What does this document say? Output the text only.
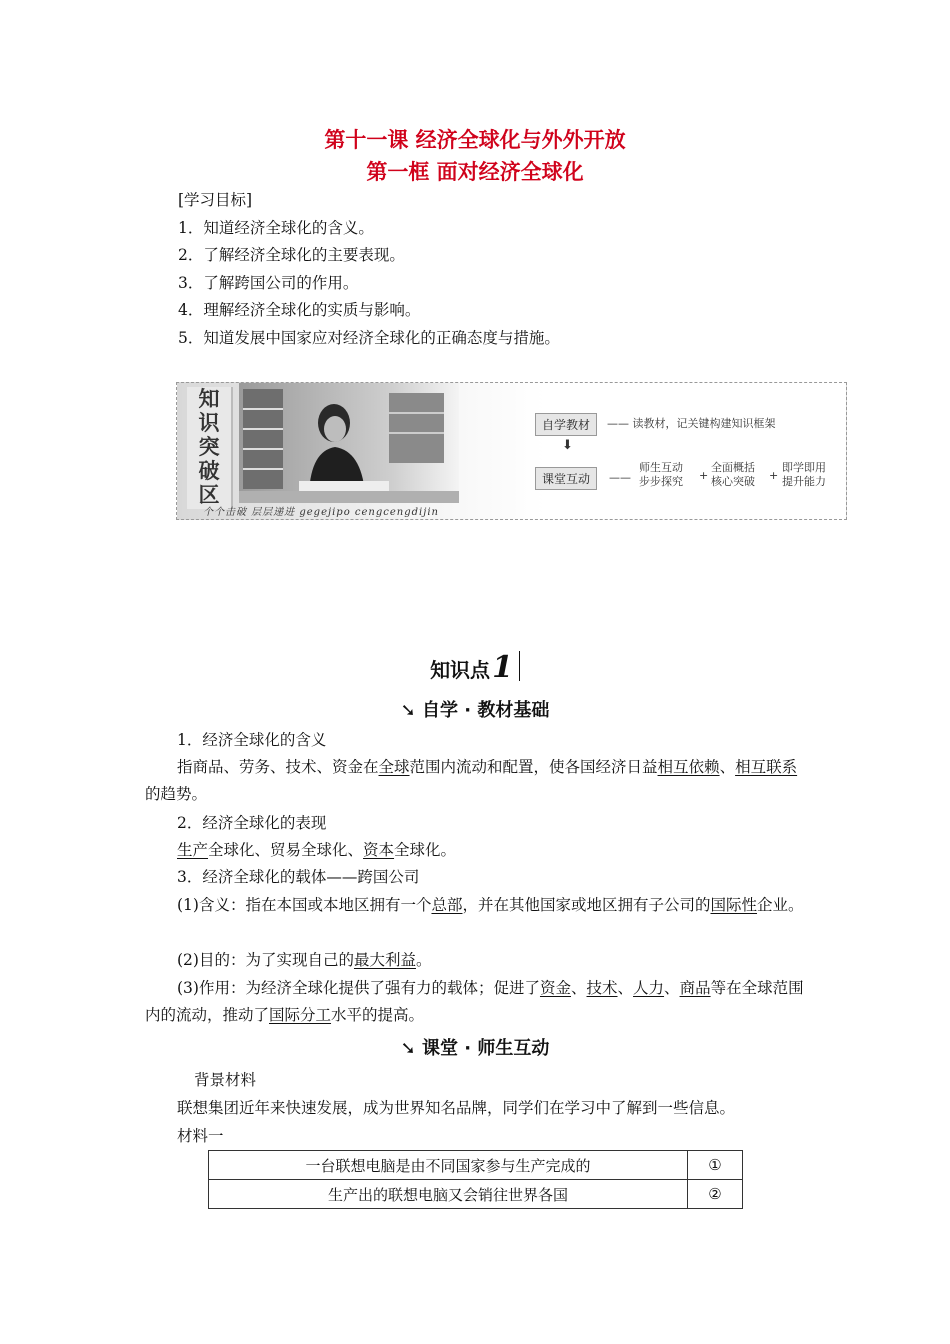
第十一课 经济全球化与外外开放
第一框 面对经济全球化
[学习目标]
1．知道经济全球化的含义。
2．了解经济全球化的主要表现。
3．了解跨国公司的作用。
4．理解经济全球化的实质与影响。
5．知道发展中国家应对经济全球化的正确态度与措施。
知
识
突
破
区
自学教材	—— 读教材，记关键构建知识框架
⬇
课堂互动	——
师生互动
步步探究 +
全面概括
核心突破 +
即学即用
提升能力
个个击破 层层递进 gegejipo cengcengdijin
知识点1
➘ 自学 · 教材基础
1．经济全球化的含义
指商品、劳务、技术、资金在全球范围内流动和配置，使各国经济日益相互依赖、相互联系的趋势。
2．经济全球化的表现
生产全球化、贸易全球化、资本全球化。
3．经济全球化的载体——跨国公司
(1)含义：指在本国或本地区拥有一个总部，并在其他国家或地区拥有子公司的国际性企业。
(2)目的：为了实现自己的最大利益。
(3)作用：为经济全球化提供了强有力的载体；促进了资金、技术、人力、商品等在全球范围内的流动，推动了国际分工水平的提高。
➘ 课堂 · 师生互动
背景材料
联想集团近年来快速发展，成为世界知名品牌，同学们在学习中了解到一些信息。
材料一
一台联想电脑是由不同国家参与生产完成的	①
生产出的联想电脑又会销往世界各国	②
